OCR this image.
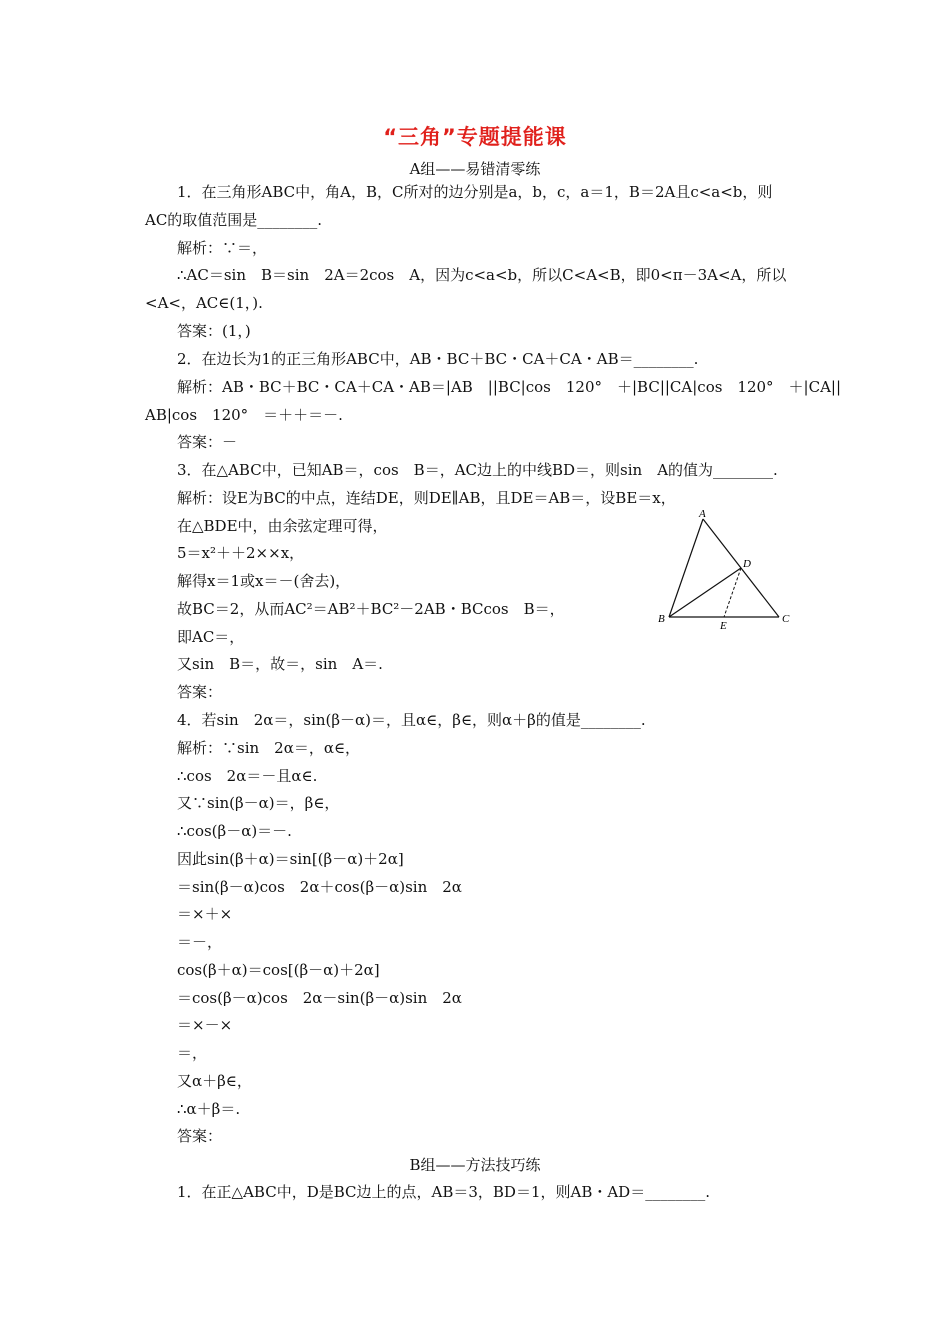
“三角”专题提能课
A组——易错清零练
1．在三角形ABC中，角A，B，C所对的边分别是a，b，c，a＝1，B＝2A且c<a<b，则
AC的取值范围是________.
解析：∵＝，
∴AC＝sin　B＝sin　2A＝2cos　A，因为c<a<b，所以C<A<B，即0<π－3A<A，所以
<A<，AC∈(1，).
答案：(1，)
2．在边长为1的正三角形ABC中，AB・BC＋BC・CA＋CA・AB＝________.
解析：AB・BC＋BC・CA＋CA・AB＝|AB　||BC|cos　120°　＋|BC||CA|cos　120°　＋|CA||
AB|cos　120°　＝＋＋＝－.
答案：－
3．在△ABC中，已知AB＝，cos　B＝，AC边上的中线BD＝，则sin　A的值为________.
解析：设E为BC的中点，连结DE，则DE∥AB，且DE＝AB＝，设BE＝x，
在△BDE中，由余弦定理可得，
5＝x²＋＋2××x，
解得x＝1或x＝－(舍去)，
故BC＝2，从而AC²＝AB²＋BC²－2AB・BCcos　B＝，
即AC＝，
又sin　B＝，故＝，sin　A＝.
答案：
4．若sin　2α＝，sin(β－α)＝，且α∈，β∈，则α＋β的值是________.
解析：∵sin　2α＝，α∈，
∴cos　2α＝－且α∈.
又∵sin(β－α)＝，β∈，
∴cos(β－α)＝－.
因此sin(β＋α)＝sin[(β－α)＋2α]
＝sin(β－α)cos　2α＋cos(β－α)sin　2α
＝×＋×
＝－，
cos(β＋α)＝cos[(β－α)＋2α]
＝cos(β－α)cos　2α－sin(β－α)sin　2α
＝×－×
＝，
又α＋β∈，
∴α＋β＝.
答案：
B组——方法技巧练
1．在正△ABC中，D是BC边上的点，AB＝3，BD＝1，则AB・AD＝________.
A
B	C
D
E
